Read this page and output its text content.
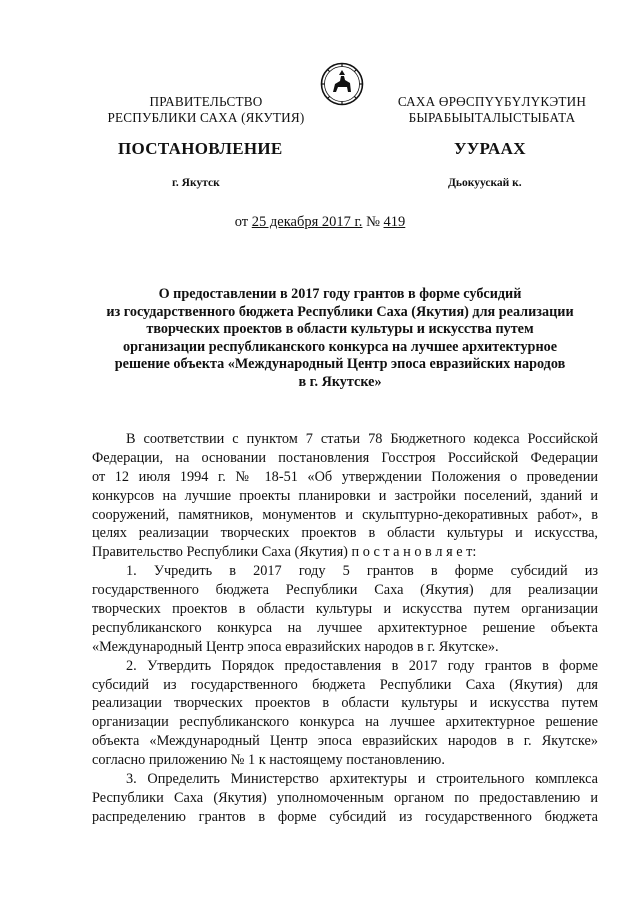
ПРАВИТЕЛЬСТВО
РЕСПУБЛИКИ САХА (ЯКУТИЯ)
САХА ӨРӨСПҮҮБҮЛҮКЭТИН
БЫРАБЫЫТАЛЫСТЫБАТА
ПОСТАНОВЛЕНИЕ	УУРААХ
г. Якутск	Дьокуускай к.
от 25 декабря 2017 г. № 419
О предоставлении в 2017 году грантов в форме субсидий
из государственного бюджета Республики Саха (Якутия) для реализации
творческих проектов в области культуры и искусства путем
организации республиканского конкурса на лучшее архитектурное
решение объекта «Международный Центр эпоса евразийских народов
в г. Якутске»
В соответствии с пунктом 7 статьи 78 Бюджетного кодекса Российской
Федерации, на основании постановления Госстроя Российской Федерации
от 12 июля 1994 г. № 18-51 «Об утверждении Положения о проведении
конкурсов на лучшие проекты планировки и застройки поселений, зданий и
сооружений, памятников, монументов и скульптурно-декоративных работ», в
целях реализации творческих проектов в области культуры и искусства,
Правительство Республики Саха (Якутия) п о с т а н о в л я е т:
1. Учредить в 2017 году 5 грантов в форме субсидий из
государственного бюджета Республики Саха (Якутия) для реализации
творческих проектов в области культуры и искусства путем организации
республиканского конкурса на лучшее архитектурное решение объекта
«Международный Центр эпоса евразийских народов в г. Якутске».
2. Утвердить Порядок предоставления в 2017 году грантов в форме
субсидий из государственного бюджета Республики Саха (Якутия) для
реализации творческих проектов в области культуры и искусства путем
организации республиканского конкурса на лучшее архитектурное решение
объекта «Международный Центр эпоса евразийских народов в г. Якутске»
согласно приложению № 1 к настоящему постановлению.
3. Определить Министерство архитектуры и строительного комплекса
Республики Саха (Якутия) уполномоченным органом по предоставлению и
распределению грантов в форме субсидий из государственного бюджета
